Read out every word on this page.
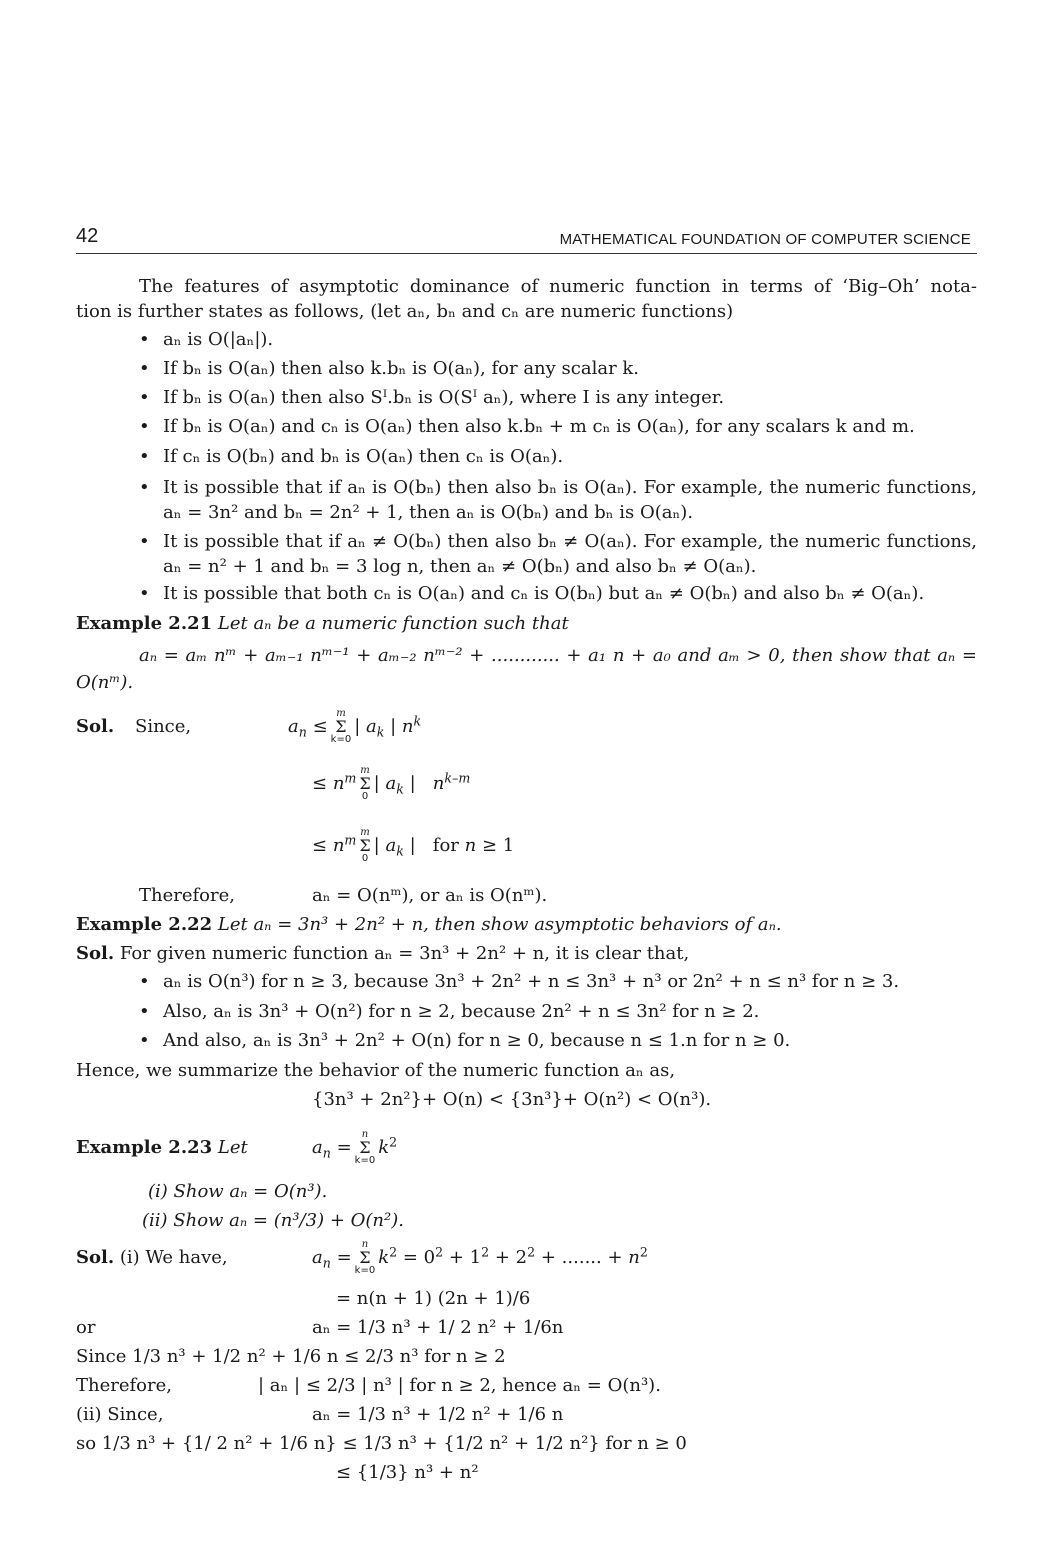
42	MATHEMATICAL FOUNDATION OF COMPUTER SCIENCE
The features of asymptotic dominance of numeric function in terms of ‘Big–Oh’ nota-
tion is further states as follows, (let aₙ, bₙ and cₙ are numeric functions)
• aₙ is O(|aₙ|).
• If bₙ is O(aₙ) then also k.bₙ is O(aₙ), for any scalar k.
• If bₙ is O(aₙ) then also Sᴵ.bₙ is O(Sᴵ aₙ), where I is any integer.
• If bₙ is O(aₙ) and cₙ is O(aₙ) then also k.bₙ + m cₙ is O(aₙ), for any scalars k and m.
• If cₙ is O(bₙ) and bₙ is O(aₙ) then cₙ is O(aₙ).
• It is possible that if aₙ is O(bₙ) then also bₙ is O(aₙ). For example, the numeric functions, aₙ = 3n² and bₙ = 2n² + 1, then aₙ is O(bₙ) and bₙ is O(aₙ).
• It is possible that if aₙ ≠ O(bₙ) then also bₙ ≠ O(aₙ). For example, the numeric functions, aₙ = n² + 1 and bₙ = 3 log n, then aₙ ≠ O(bₙ) and also bₙ ≠ O(aₙ).
• It is possible that both cₙ is O(aₙ) and cₙ is O(bₙ) but aₙ ≠ O(bₙ) and also bₙ ≠ O(aₙ).
Example 2.21 Let aₙ be a numeric function such that
aₙ = aₘ nᵐ + aₘ₋₁ nᵐ⁻¹ + aₘ₋₂ nᵐ⁻² + ............ + a₁ n + a₀ and aₘ > 0, then show that aₙ = O(nᵐ).
Sol. Since,	$a_n$ ≤
m
Σ
k=0
| $a_k$ | $n^k$
≤ $n^m$
m
Σ
0
| $a_k$ |   $n^{k-m}$
≤ $n^m$
m
Σ
0
| $a_k$ |   for n ≥ 1
Therefore,	aₙ = O(nᵐ), or aₙ is O(nᵐ).
Example 2.22 Let aₙ = 3n³ + 2n² + n, then show asymptotic behaviors of aₙ.
Sol. For given numeric function aₙ = 3n³ + 2n² + n, it is clear that,
• aₙ is O(n³) for n ≥ 3, because 3n³ + 2n² + n ≤ 3n³ + n³ or 2n² + n ≤ n³ for n ≥ 3.
• Also, aₙ is 3n³ + O(n²) for n ≥ 2, because 2n² + n ≤ 3n² for n ≥ 2.
• And also, aₙ is 3n³ + 2n² + O(n) for n ≥ 0, because n ≤ 1.n for n ≥ 0.
Hence, we summarize the behavior of the numeric function aₙ as,
{3n³ + 2n²}+ O(n) < {3n³}+ O(n²) < O(n³).
Example 2.23 Let	$a_n$ =
n
Σ
k=0
$k^2$
(i) Show aₙ = O(n³).
(ii) Show aₙ = (n³/3) + O(n²).
Sol. (i) We have,	$a_n$ =
n
Σ
k=0
$k^2 = 0^2 + 1^2 + 2^2$ + ....... + $n^2$
= n(n + 1) (2n + 1)/6
or	aₙ = 1/3 n³ + 1/ 2 n² + 1/6n
Since 1/3 n³ + 1/2 n² + 1/6 n ≤ 2/3 n³ for n ≥ 2
Therefore,	| aₙ | ≤ 2/3 | n³ | for n ≥ 2, hence aₙ = O(n³).
(ii) Since,	aₙ = 1/3 n³ + 1/2 n² + 1/6 n
so 1/3 n³ + {1/ 2 n² + 1/6 n} ≤ 1/3 n³ + {1/2 n² + 1/2 n²} for n ≥ 0
≤ {1/3} n³ + n²
